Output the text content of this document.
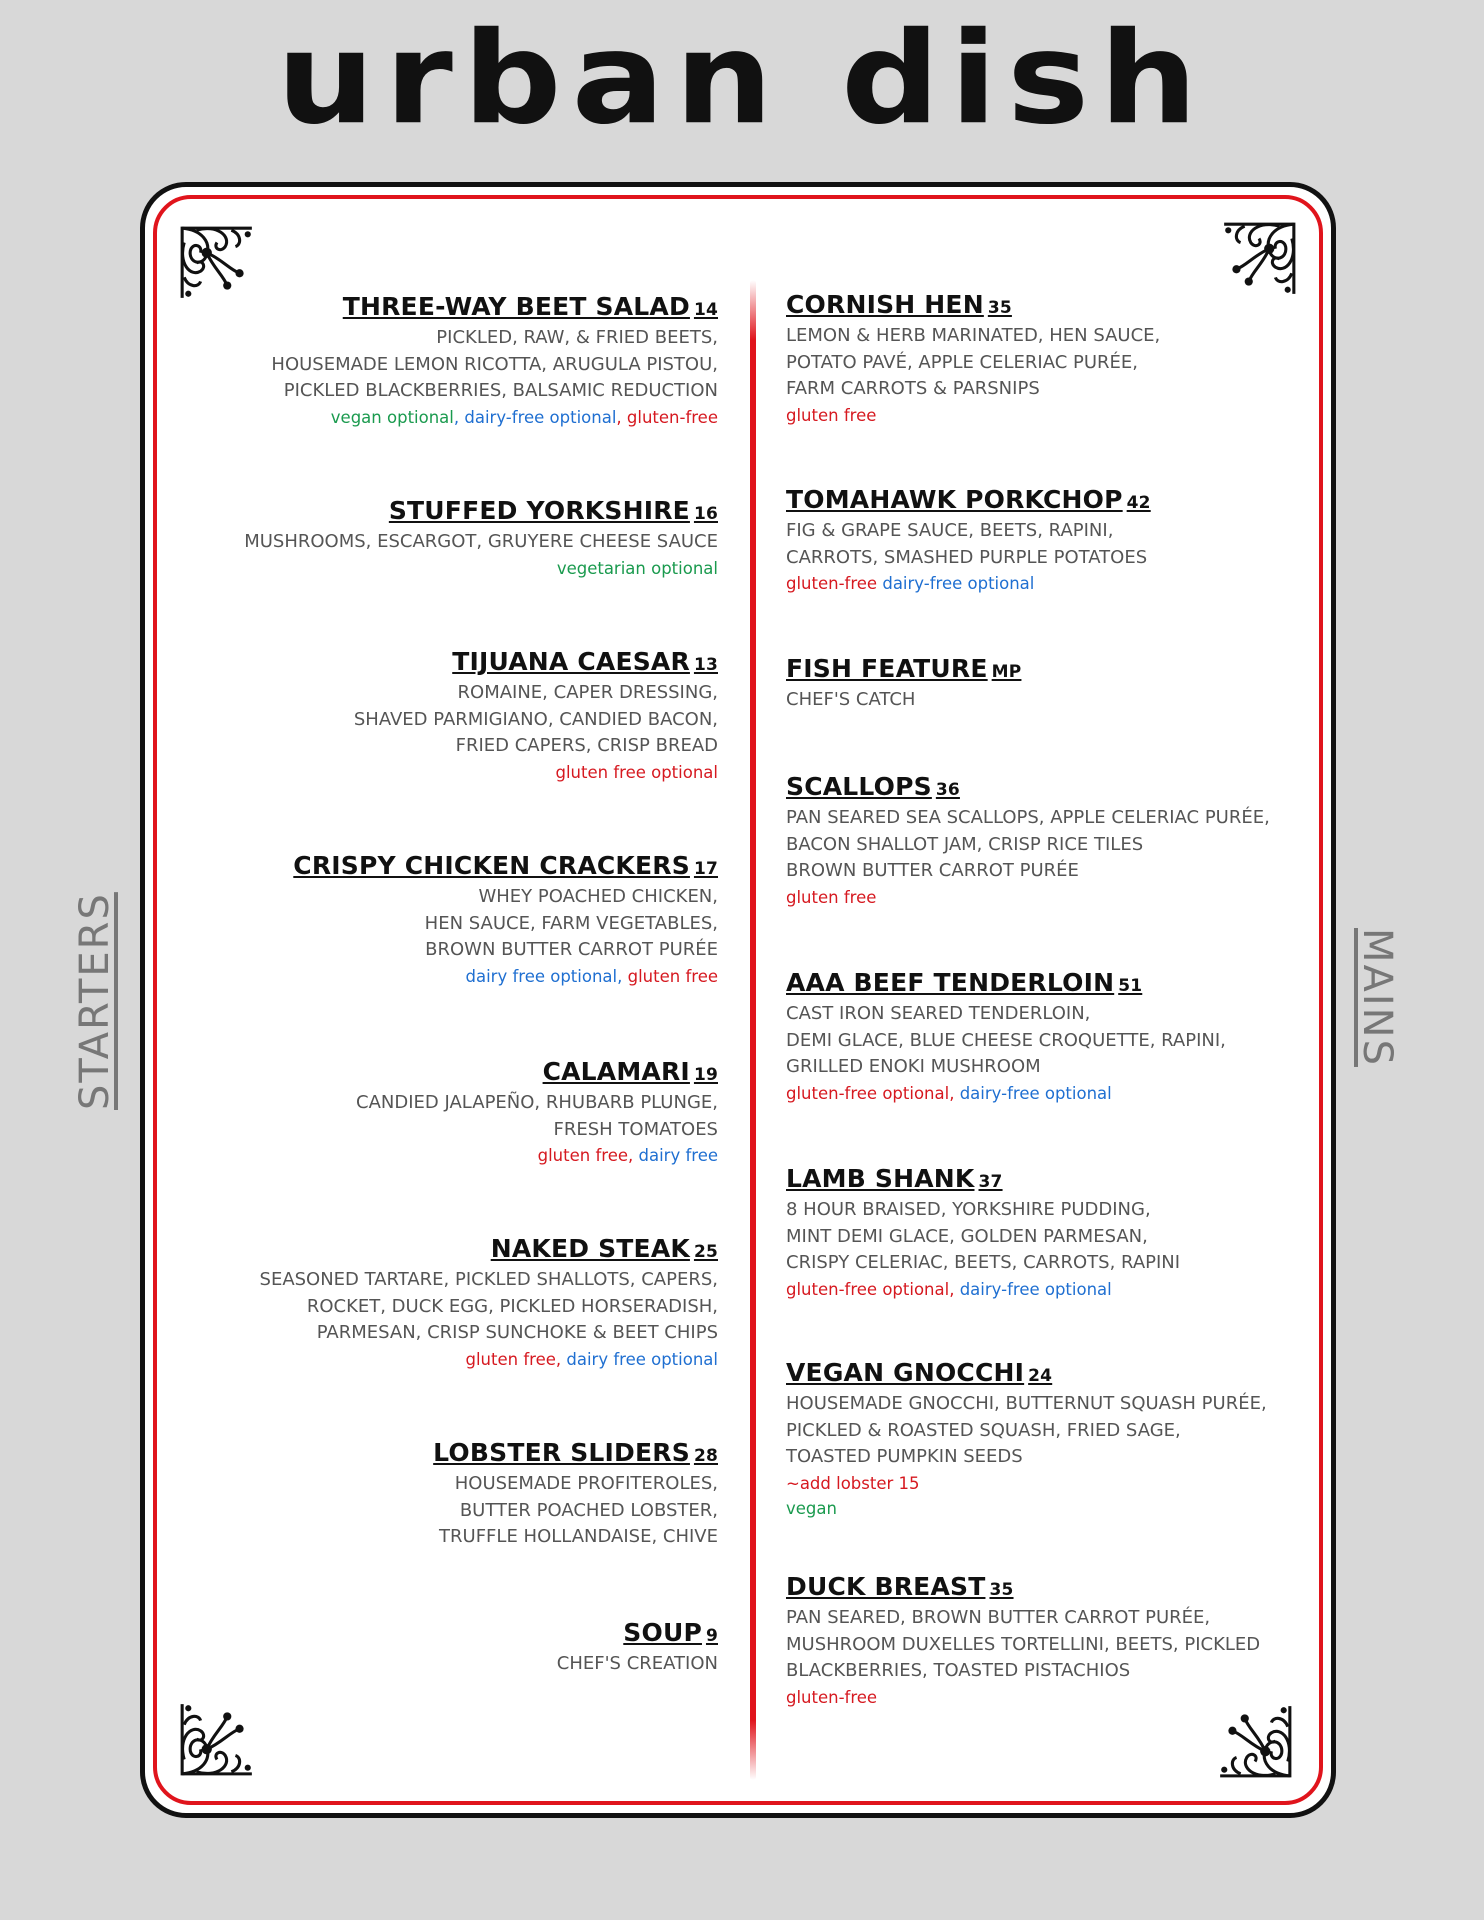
urban dish
STARTERS	MAINS
THREE-WAY BEET SALAD 14
PICKLED, RAW, & FRIED BEETS,
HOUSEMADE LEMON RICOTTA, ARUGULA PISTOU,
PICKLED BLACKBERRIES, BALSAMIC REDUCTION
vegan optional, dairy-free optional, gluten-free
STUFFED YORKSHIRE 16
MUSHROOMS, ESCARGOT, GRUYERE CHEESE SAUCE
vegetarian optional
TIJUANA CAESAR 13
ROMAINE, CAPER DRESSING,
SHAVED PARMIGIANO, CANDIED BACON,
FRIED CAPERS, CRISP BREAD
gluten free optional
CRISPY CHICKEN CRACKERS 17
WHEY POACHED CHICKEN,
HEN SAUCE, FARM VEGETABLES,
BROWN BUTTER CARROT PURÉE
dairy free optional, gluten free
CALAMARI 19
CANDIED JALAPEÑO, RHUBARB PLUNGE,
FRESH TOMATOES
gluten free, dairy free
NAKED STEAK 25
SEASONED TARTARE, PICKLED SHALLOTS, CAPERS,
ROCKET, DUCK EGG, PICKLED HORSERADISH,
PARMESAN, CRISP SUNCHOKE & BEET CHIPS
gluten free, dairy free optional
LOBSTER SLIDERS 28
HOUSEMADE PROFITEROLES,
BUTTER POACHED LOBSTER,
TRUFFLE HOLLANDAISE, CHIVE
SOUP 9
CHEF'S CREATION
CORNISH HEN 35
LEMON & HERB MARINATED, HEN SAUCE,
POTATO PAVÉ, APPLE CELERIAC PURÉE,
FARM CARROTS & PARSNIPS
gluten free
TOMAHAWK PORKCHOP 42
FIG & GRAPE SAUCE, BEETS, RAPINI,
CARROTS, SMASHED PURPLE POTATOES
gluten-free dairy-free optional
FISH FEATURE MP
CHEF'S CATCH
SCALLOPS 36
PAN SEARED SEA SCALLOPS, APPLE CELERIAC PURÉE,
BACON SHALLOT JAM, CRISP RICE TILES
BROWN BUTTER CARROT PURÉE
gluten free
AAA BEEF TENDERLOIN 51
CAST IRON SEARED TENDERLOIN,
DEMI GLACE, BLUE CHEESE CROQUETTE, RAPINI,
GRILLED ENOKI MUSHROOM
gluten-free optional, dairy-free optional
LAMB SHANK 37
8 HOUR BRAISED, YORKSHIRE PUDDING,
MINT DEMI GLACE, GOLDEN PARMESAN,
CRISPY CELERIAC, BEETS, CARROTS, RAPINI
gluten-free optional, dairy-free optional
VEGAN GNOCCHI 24
HOUSEMADE GNOCCHI, BUTTERNUT SQUASH PURÉE,
PICKLED & ROASTED SQUASH, FRIED SAGE,
TOASTED PUMPKIN SEEDS
~add lobster 15
vegan
DUCK BREAST 35
PAN SEARED, BROWN BUTTER CARROT PURÉE,
MUSHROOM DUXELLES TORTELLINI, BEETS, PICKLED
BLACKBERRIES, TOASTED PISTACHIOS
gluten-free
